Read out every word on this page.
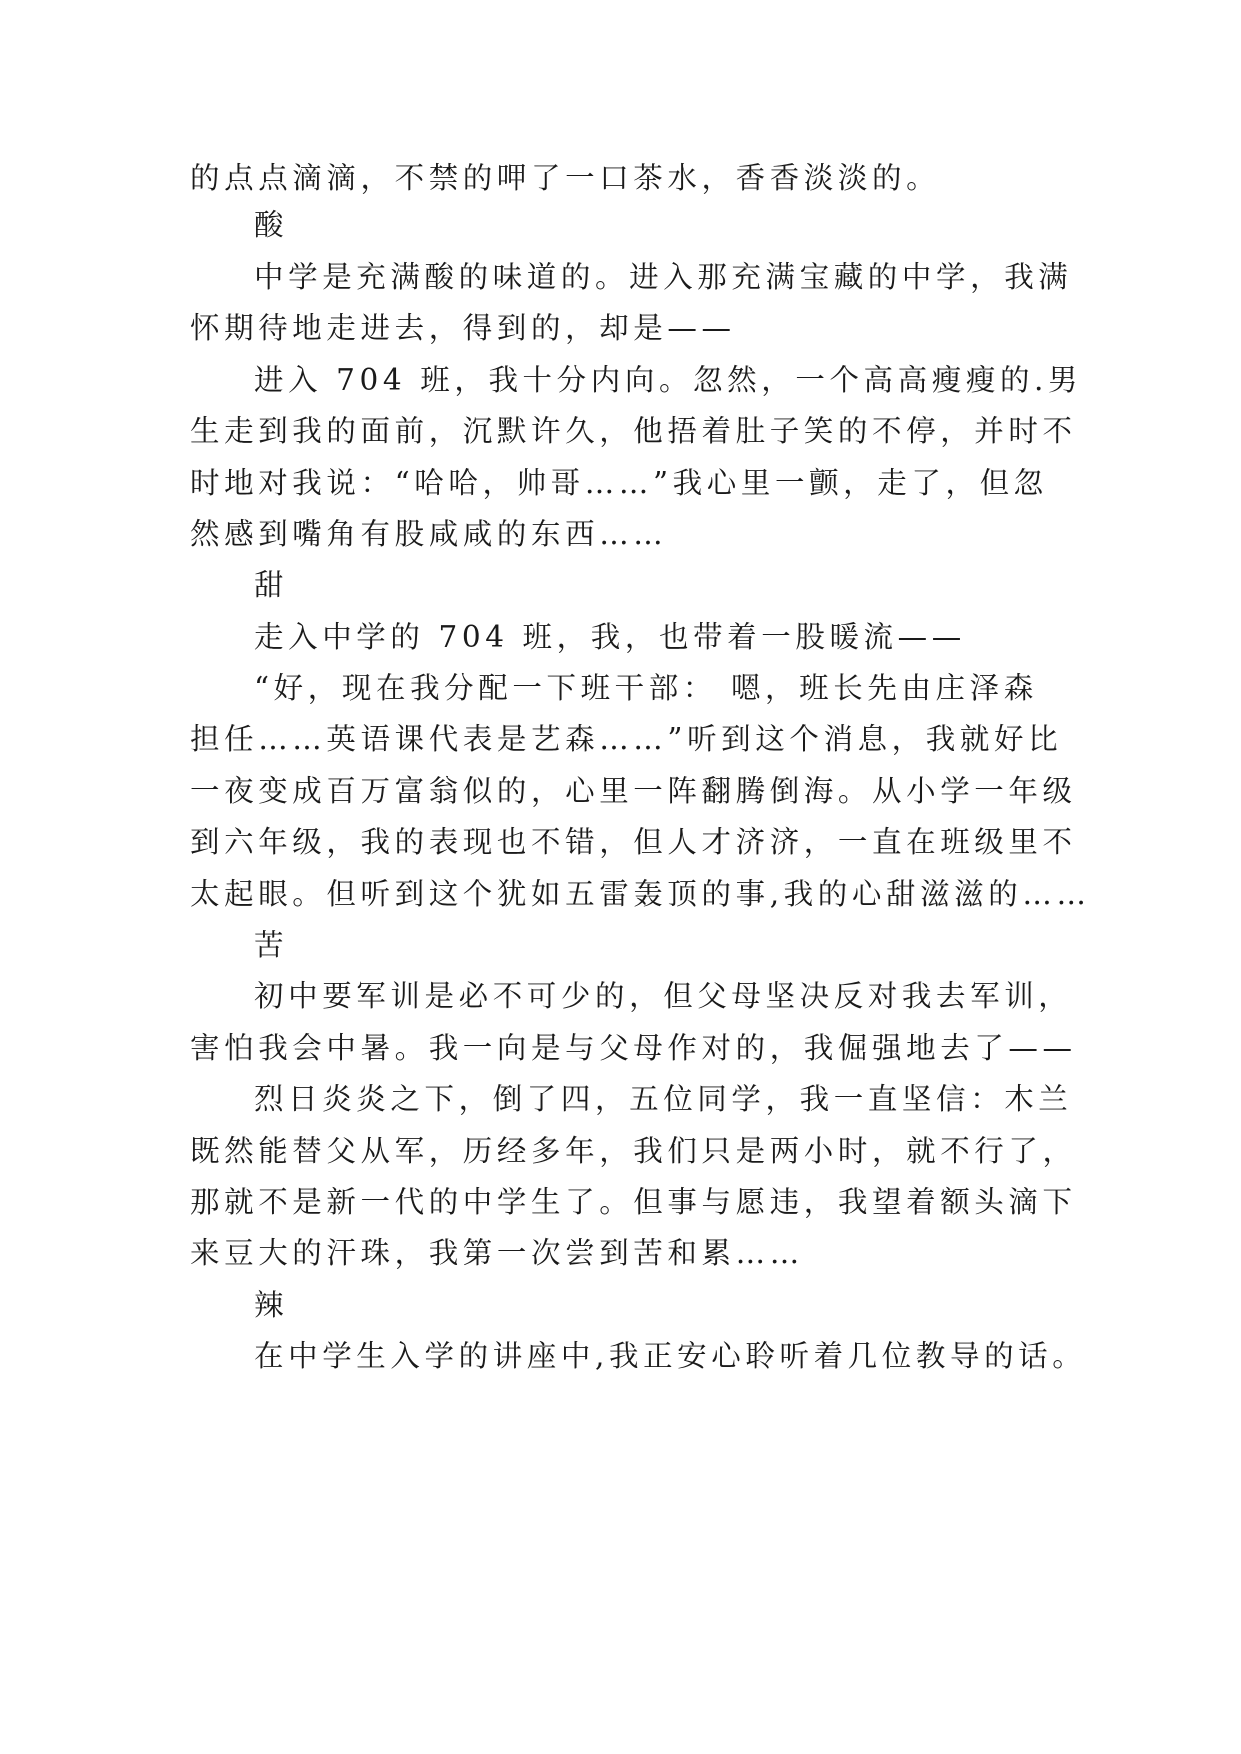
的点点滴滴，不禁的呷了一口茶水，香香淡淡的。
酸
中学是充满酸的味道的。进入那充满宝藏的中学，我满
怀期待地走进去，得到的，却是——
进入 704 班，我十分内向。忽然，一个高高瘦瘦的.男
生走到我的面前，沉默许久，他捂着肚子笑的不停，并时不
时地对我说：“哈哈，帅哥……”我心里一颤，走了，但忽
然感到嘴角有股咸咸的东西……
甜
走入中学的 704 班，我，也带着一股暖流——
“好，现在我分配一下班干部： 嗯，班长先由庄泽森
担任……英语课代表是艺森……”听到这个消息，我就好比
一夜变成百万富翁似的，心里一阵翻腾倒海。从小学一年级
到六年级，我的表现也不错，但人才济济，一直在班级里不
太起眼。但听到这个犹如五雷轰顶的事,我的心甜滋滋的……
苦
初中要军训是必不可少的，但父母坚决反对我去军训，
害怕我会中暑。我一向是与父母作对的，我倔强地去了——
烈日炎炎之下，倒了四，五位同学，我一直坚信：木兰
既然能替父从军，历经多年，我们只是两小时，就不行了，
那就不是新一代的中学生了。但事与愿违，我望着额头滴下
来豆大的汗珠，我第一次尝到苦和累……
辣
在中学生入学的讲座中,我正安心聆听着几位教导的话。
